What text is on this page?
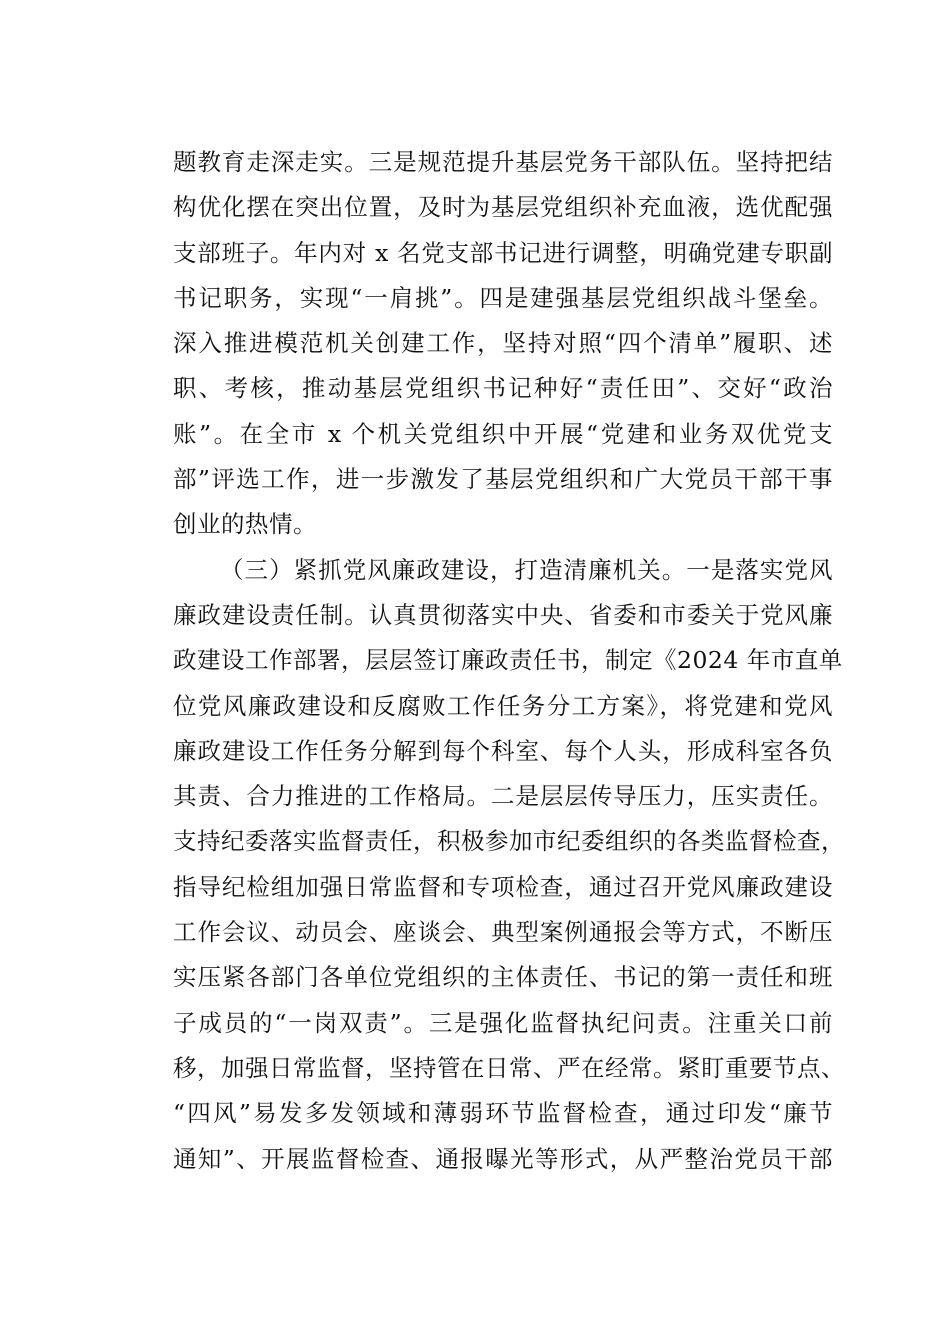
题教育走深走实。三是规范提升基层党务干部队伍。坚持把结
构优化摆在突出位置，及时为基层党组织补充血液，选优配强
支部班子。年内对 x 名党支部书记进行调整，明确党建专职副
书记职务，实现“一肩挑”。四是建强基层党组织战斗堡垒。
深入推进模范机关创建工作，坚持对照“四个清单”履职、述
职、考核，推动基层党组织书记种好“责任田”、交好“政治
账”。在全市 x 个机关党组织中开展“党建和业务双优党支
部”评选工作，进一步激发了基层党组织和广大党员干部干事
创业的热情。
（三）紧抓党风廉政建设，打造清廉机关。一是落实党风
廉政建设责任制。认真贯彻落实中央、省委和市委关于党风廉
政建设工作部署，层层签订廉政责任书，制定《2024 年市直单
位党风廉政建设和反腐败工作任务分工方案》，将党建和党风
廉政建设工作任务分解到每个科室、每个人头，形成科室各负
其责、合力推进的工作格局。二是层层传导压力，压实责任。
支持纪委落实监督责任，积极参加市纪委组织的各类监督检查，
指导纪检组加强日常监督和专项检查，通过召开党风廉政建设
工作会议、动员会、座谈会、典型案例通报会等方式，不断压
实压紧各部门各单位党组织的主体责任、书记的第一责任和班
子成员的“一岗双责”。三是强化监督执纪问责。注重关口前
移，加强日常监督，坚持管在日常、严在经常。紧盯重要节点、
“四风”易发多发领域和薄弱环节监督检查，通过印发“廉节
通知”、开展监督检查、通报曝光等形式，从严整治党员干部
